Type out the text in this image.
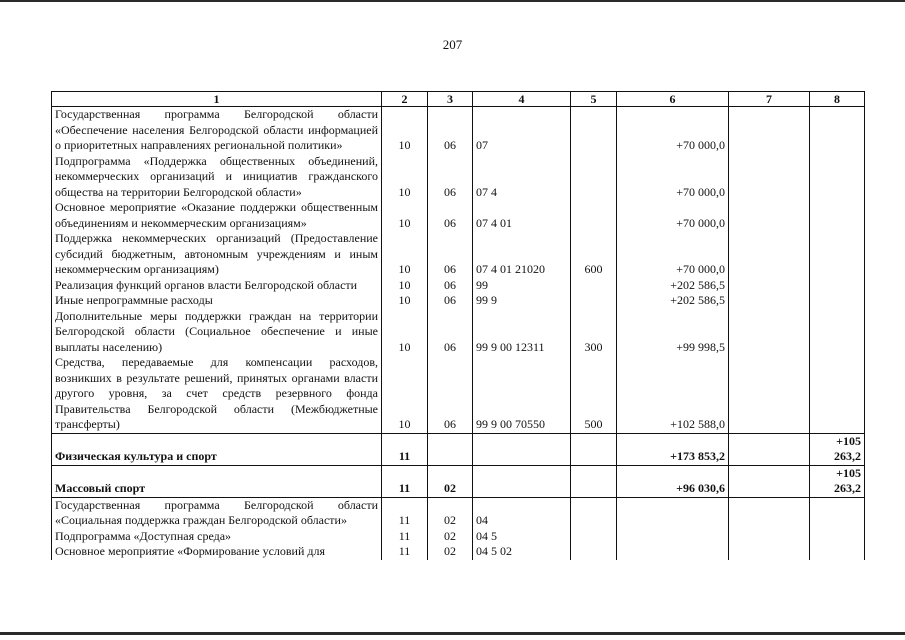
207
1	2	3	4	5	6	7	8
Государственная программа Белгородской области «Обеспечение населения Белгородской области информацией о приоритетных направлениях региональной политики»	10	06	07		+70 000,0		
Подпрограмма «Поддержка общественных объединений, некоммерческих организаций и инициатив гражданского общества на территории Белгородской области»	10	06	07 4		+70 000,0		
Основное мероприятие «Оказание поддержки общественным объединениям и некоммерческим организациям»	10	06	07 4 01		+70 000,0		
Поддержка некоммерческих организаций (Предоставление субсидий бюджетным, автономным учреждениям и иным некоммерческим организациям)	10	06	07 4 01 21020	600	+70 000,0		
Реализация функций органов власти Белгородской области	10	06	99		+202 586,5		
Иные непрограммные расходы	10	06	99 9		+202 586,5		
Дополнительные меры поддержки граждан на территории Белгородской области (Социальное обеспечение и иные выплаты населению)	10	06	99 9 00 12311	300	+99 998,5		
Средства, передаваемые для компенсации расходов, возникших в результате решений, принятых органами власти другого уровня, за счет средств резервного фонда Правительства Белгородской области (Межбюджетные трансферты)	10	06	99 9 00 70550	500	+102 588,0		
Физическая культура и спорт	11				+173 853,2		+105 263,2
Массовый спорт	11	02			+96 030,6		+105 263,2
Государственная программа Белгородской области «Социальная поддержка граждан Белгородской области»	11	02	04				
Подпрограмма «Доступная среда»	11	02	04 5				
Основное мероприятие «Формирование условий для	11	02	04 5 02				
